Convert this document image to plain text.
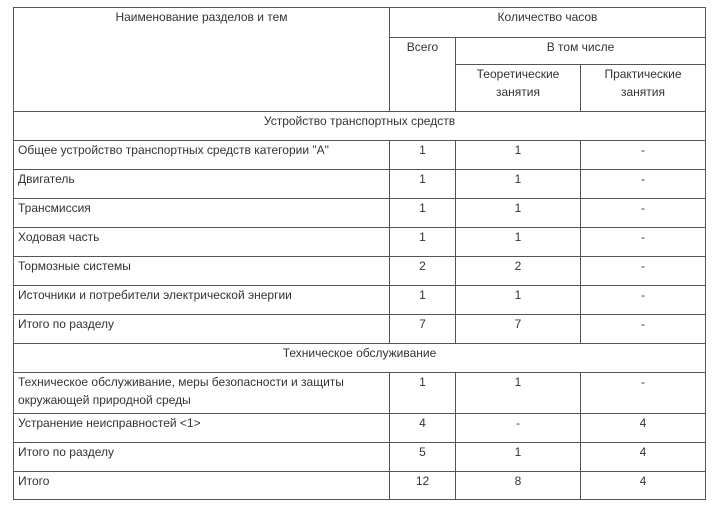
Наименование разделов и тем	Количество часов		
	Всего	В том числе	
		Теоретические занятия	Практические занятия
Устройство транспортных средств			
Общее устройство транспортных средств категории "А"	1	1	-
Двигатель	1	1	-
Трансмиссия	1	1	-
Ходовая часть	1	1	-
Тормозные системы	2	2	-
Источники и потребители электрической энергии	1	1	-
Итого по разделу	7	7	-
Техническое обслуживание			
Техническое обслуживание, меры безопасности и защиты окружающей природной среды	1	1	-
Устранение неисправностей <1>	4	-	4
Итого по разделу	5	1	4
Итого	12	8	4
